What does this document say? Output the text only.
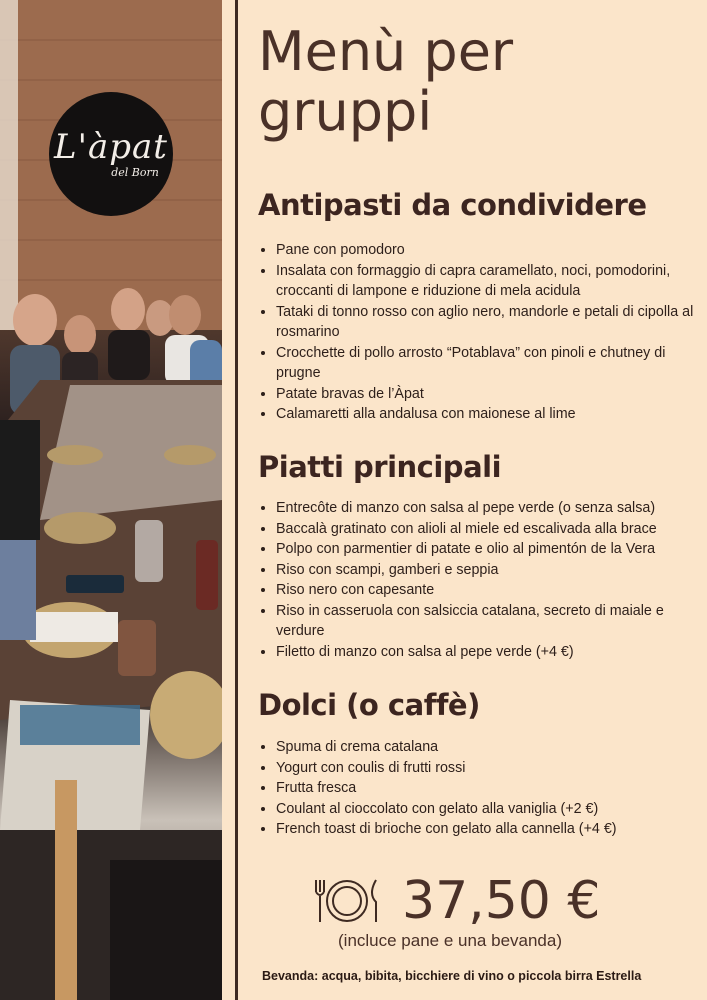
L'àpat
del Born
Menù per gruppi
Antipasti da condividere
• Pane con pomodoro
• Insalata con formaggio di capra caramellato, noci, pomodorini, croccanti di lampone e riduzione di mela acidula
• Tataki di tonno rosso con aglio nero, mandorle e petali di cipolla al rosmarino
• Crocchette di pollo arrosto “Potablava” con pinoli e chutney di prugne
• Patate bravas de l’Àpat
• Calamaretti alla andalusa con maionese al lime
Piatti principali
• Entrecôte di manzo con salsa al pepe verde (o senza salsa)
• Baccalà gratinato con alioli al miele ed escalivada alla brace
• Polpo con parmentier di patate e olio al pimentón de la Vera
• Riso con scampi, gamberi e seppia
• Riso nero con capesante
• Riso in casseruola con salsiccia catalana, secreto di maiale e verdure
• Filetto di manzo con salsa al pepe verde (+4 €)
Dolci (o caffè)
• Spuma di crema catalana
• Yogurt con coulis di frutti rossi
• Frutta fresca
• Coulant al cioccolato con gelato alla vaniglia (+2 €)
• French toast di brioche con gelato alla cannella (+4 €)
37,50 €
(incluce pane e una bevanda)
Bevanda: acqua, bibita, bicchiere di vino o piccola birra Estrella
